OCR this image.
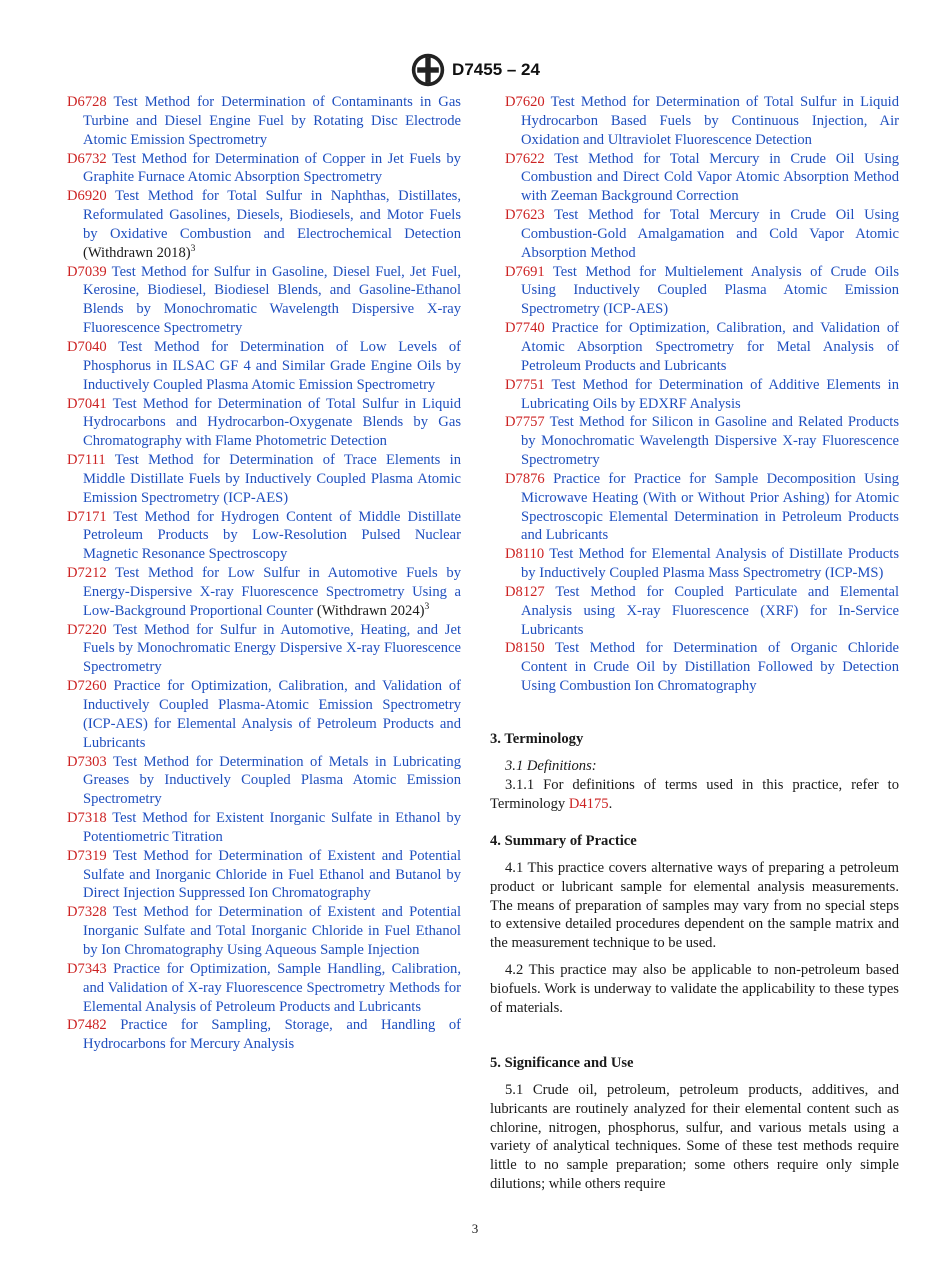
D7455 – 24

D6728 Test Method for Determination of Contaminants in Gas Turbine and Diesel Engine Fuel by Rotating Disc Electrode Atomic Emission Spectrometry

D6732 Test Method for Determination of Copper in Jet Fuels by Graphite Furnace Atomic Absorption Spectrometry

D6920 Test Method for Total Sulfur in Naphthas, Distillates, Reformulated Gasolines, Diesels, Biodiesels, and Motor Fuels by Oxidative Combustion and Electrochemical Detection (Withdrawn 2018)$^3$

D7039 Test Method for Sulfur in Gasoline, Diesel Fuel, Jet Fuel, Kerosine, Biodiesel, Biodiesel Blends, and Gasoline-Ethanol Blends by Monochromatic Wavelength Dispersive X-ray Fluorescence Spectrometry

D7040 Test Method for Determination of Low Levels of Phosphorus in ILSAC GF 4 and Similar Grade Engine Oils by Inductively Coupled Plasma Atomic Emission Spectrometry

D7041 Test Method for Determination of Total Sulfur in Liquid Hydrocarbons and Hydrocarbon-Oxygenate Blends by Gas Chromatography with Flame Photometric Detection

D7111 Test Method for Determination of Trace Elements in Middle Distillate Fuels by Inductively Coupled Plasma Atomic Emission Spectrometry (ICP-AES)

D7171 Test Method for Hydrogen Content of Middle Distillate Petroleum Products by Low-Resolution Pulsed Nuclear Magnetic Resonance Spectroscopy

D7212 Test Method for Low Sulfur in Automotive Fuels by Energy-Dispersive X-ray Fluorescence Spectrometry Using a Low-Background Proportional Counter (Withdrawn 2024)$^3$

D7220 Test Method for Sulfur in Automotive, Heating, and Jet Fuels by Monochromatic Energy Dispersive X-ray Fluorescence Spectrometry

D7260 Practice for Optimization, Calibration, and Validation of Inductively Coupled Plasma-Atomic Emission Spectrometry (ICP-AES) for Elemental Analysis of Petroleum Products and Lubricants

D7303 Test Method for Determination of Metals in Lubricating Greases by Inductively Coupled Plasma Atomic Emission Spectrometry

D7318 Test Method for Existent Inorganic Sulfate in Ethanol by Potentiometric Titration

D7319 Test Method for Determination of Existent and Potential Sulfate and Inorganic Chloride in Fuel Ethanol and Butanol by Direct Injection Suppressed Ion Chromatography

D7328 Test Method for Determination of Existent and Potential Inorganic Sulfate and Total Inorganic Chloride in Fuel Ethanol by Ion Chromatography Using Aqueous Sample Injection

D7343 Practice for Optimization, Sample Handling, Calibration, and Validation of X-ray Fluorescence Spectrometry Methods for Elemental Analysis of Petroleum Products and Lubricants

D7482 Practice for Sampling, Storage, and Handling of Hydrocarbons for Mercury Analysis

D7620 Test Method for Determination of Total Sulfur in Liquid Hydrocarbon Based Fuels by Continuous Injection, Air Oxidation and Ultraviolet Fluorescence Detection

D7622 Test Method for Total Mercury in Crude Oil Using Combustion and Direct Cold Vapor Atomic Absorption Method with Zeeman Background Correction

D7623 Test Method for Total Mercury in Crude Oil Using Combustion-Gold Amalgamation and Cold Vapor Atomic Absorption Method

D7691 Test Method for Multielement Analysis of Crude Oils Using Inductively Coupled Plasma Atomic Emission Spectrometry (ICP-AES)

D7740 Practice for Optimization, Calibration, and Validation of Atomic Absorption Spectrometry for Metal Analysis of Petroleum Products and Lubricants

D7751 Test Method for Determination of Additive Elements in Lubricating Oils by EDXRF Analysis

D7757 Test Method for Silicon in Gasoline and Related Products by Monochromatic Wavelength Dispersive X-ray Fluorescence Spectrometry

D7876 Practice for Practice for Sample Decomposition Using Microwave Heating (With or Without Prior Ashing) for Atomic Spectroscopic Elemental Determination in Petroleum Products and Lubricants

D8110 Test Method for Elemental Analysis of Distillate Products by Inductively Coupled Plasma Mass Spectrometry (ICP-MS)

D8127 Test Method for Coupled Particulate and Elemental Analysis using X-ray Fluorescence (XRF) for In-Service Lubricants

D8150 Test Method for Determination of Organic Chloride Content in Crude Oil by Distillation Followed by Detection Using Combustion Ion Chromatography

3. Terminology

3.1 Definitions:

3.1.1 For definitions of terms used in this practice, refer to Terminology D4175.

4. Summary of Practice

4.1 This practice covers alternative ways of preparing a petroleum product or lubricant sample for elemental analysis measurements. The means of preparation of samples may vary from no special steps to extensive detailed procedures dependent on the sample matrix and the measurement technique to be used.

4.2 This practice may also be applicable to non-petroleum based biofuels. Work is underway to validate the applicability to these types of materials.

5. Significance and Use

5.1 Crude oil, petroleum, petroleum products, additives, and lubricants are routinely analyzed for their elemental content such as chlorine, nitrogen, phosphorus, sulfur, and various metals using a variety of analytical techniques. Some of these test methods require little to no sample preparation; some others require only simple dilutions; while others require

3
